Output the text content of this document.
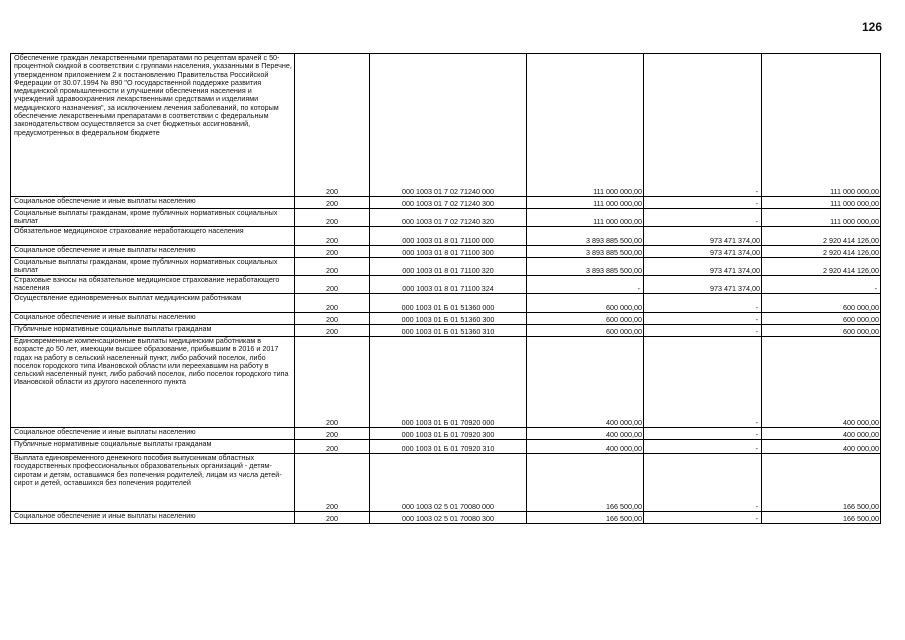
126
Обеспечение граждан лекарственными препаратами по рецептам врачей с 50-процентной скидкой в соответствии с группами населения, указанными в Перечне, утвержденном приложением 2 к постановлению Правительства Российской Федерации от 30.07.1994 № 890 "О государственной поддержке развития медицинской промышленности и улучшении обеспечения населения и учреждений здравоохранения лекарственными средствами и изделиями медицинского назначения", за исключением лечения заболеваний, по которым обеспечение лекарственными препаратами в соответствии с федеральным законодательством осуществляется за счет бюджетных ассигнований, предусмотренных в федеральном бюджете	200	000 1003 01 7 02 71240 000	111 000 000,00	-	111 000 000,00
Социальное обеспечение и иные выплаты населению	200	000 1003 01 7 02 71240 300	111 000 000,00	-	111 000 000,00
Социальные выплаты гражданам, кроме публичных нормативных социальных выплат	200	000 1003 01 7 02 71240 320	111 000 000,00	-	111 000 000,00
Обязательное медицинское страхование неработающего населения	200	000 1003 01 8 01 71100 000	3 893 885 500,00	973 471 374,00	2 920 414 126,00
Социальное обеспечение и иные выплаты населению	200	000 1003 01 8 01 71100 300	3 893 885 500,00	973 471 374,00	2 920 414 126,00
Социальные выплаты гражданам, кроме публичных нормативных социальных выплат	200	000 1003 01 8 01 71100 320	3 893 885 500,00	973 471 374,00	2 920 414 126,00
Страховые взносы на обязательное медицинское страхование неработающего населения	200	000 1003 01 8 01 71100 324	-	973 471 374,00	-
Осуществление единовременных выплат медицинским работникам	200	000 1003 01 Б 01 51360 000	600 000,00	-	600 000,00
Социальное обеспечение и иные выплаты населению	200	000 1003 01 Б 01 51360 300	600 000,00	-	600 000,00
Публичные нормативные социальные выплаты гражданам	200	000 1003 01 Б 01 51360 310	600 000,00	-	600 000,00
Единовременные компенсационные выплаты медицинским работникам в возрасте до 50 лет, имеющим высшее образование, прибывшим в 2016 и 2017 годах на работу в сельский населенный пункт, либо рабочий поселок, либо поселок городского типа Ивановской области или переехавшим на работу в сельский населенный пункт, либо рабочий поселок, либо поселок городского типа Ивановской области из другого населенного пункта	200	000 1003 01 Б 01 70920 000	400 000,00	-	400 000,00
Социальное обеспечение и иные выплаты населению	200	000 1003 01 Б 01 70920 300	400 000,00	-	400 000,00
Публичные нормативные социальные выплаты гражданам	200	000 1003 01 Б 01 70920 310	400 000,00	-	400 000,00
Выплата единовременного денежного пособия выпускникам областных государственных профессиональных образовательных организаций - детям-сиротам и детям, оставшимся без попечения родителей, лицам из числа детей-сирот и детей, оставшихся без попечения родителей	200	000 1003 02 5 01 70080 000	166 500,00	-	166 500,00
Социальное обеспечение и иные выплаты населению	200	000 1003 02 5 01 70080 300	166 500,00	-	166 500,00
